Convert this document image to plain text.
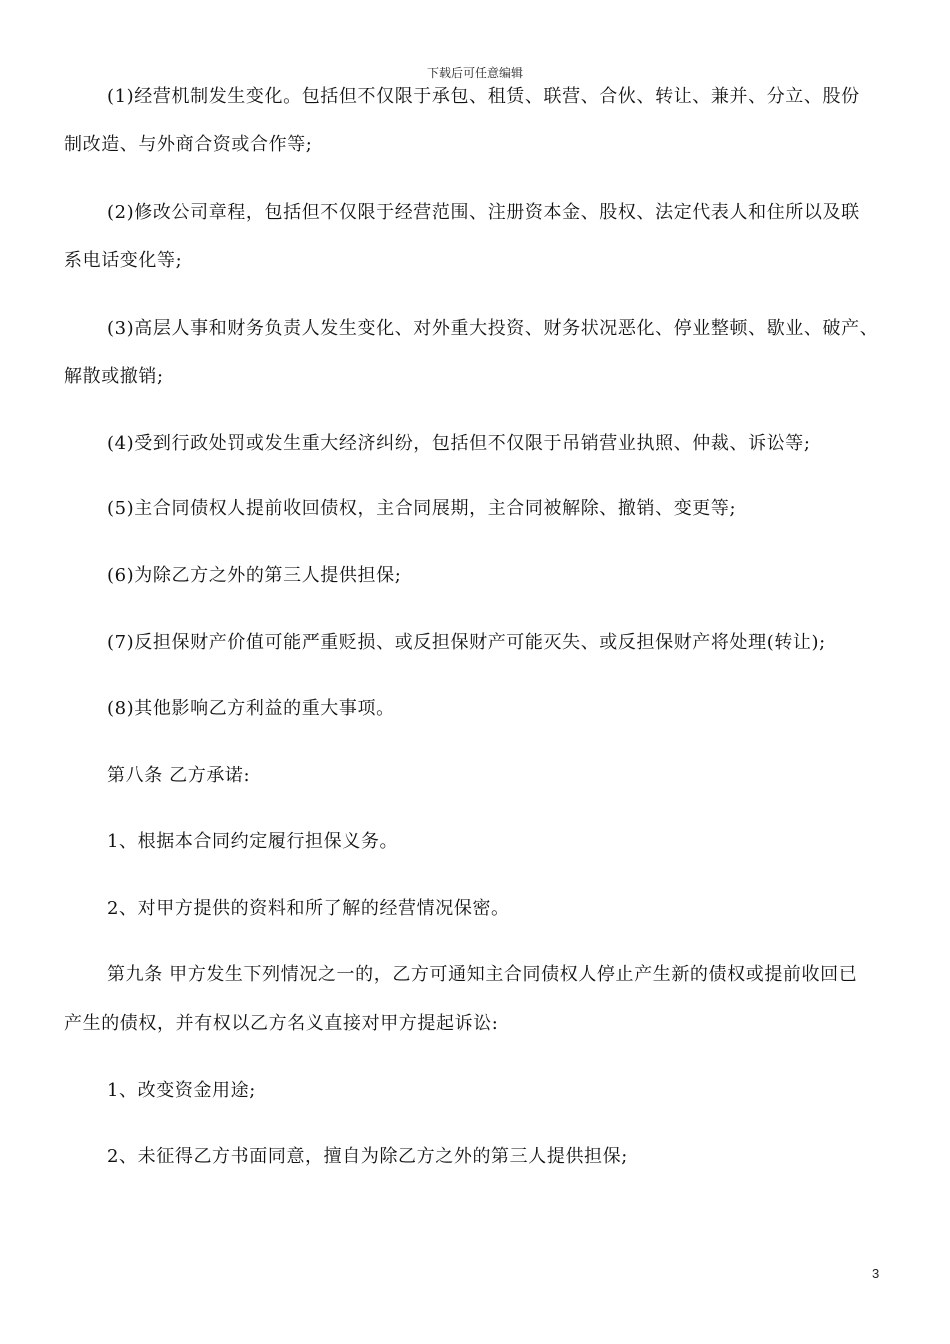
下载后可任意编辑
(1)经营机制发生变化。包括但不仅限于承包、租赁、联营、合伙、转让、兼并、分立、股份
制改造、与外商合资或合作等;
(2)修改公司章程，包括但不仅限于经营范围、注册资本金、股权、法定代表人和住所以及联
系电话变化等;
(3)高层人事和财务负责人发生变化、对外重大投资、财务状况恶化、停业整顿、歇业、破产、
解散或撤销;
(4)受到行政处罚或发生重大经济纠纷，包括但不仅限于吊销营业执照、仲裁、诉讼等;
(5)主合同债权人提前收回债权，主合同展期，主合同被解除、撤销、变更等;
(6)为除乙方之外的第三人提供担保;
(7)反担保财产价值可能严重贬损、或反担保财产可能灭失、或反担保财产将处理(转让);
(8)其他影响乙方利益的重大事项。
第八条 乙方承诺:
1、根据本合同约定履行担保义务。
2、对甲方提供的资料和所了解的经营情况保密。
第九条 甲方发生下列情况之一的，乙方可通知主合同债权人停止产生新的债权或提前收回已
产生的债权，并有权以乙方名义直接对甲方提起诉讼:
1、改变资金用途;
2、未征得乙方书面同意，擅自为除乙方之外的第三人提供担保;
3
